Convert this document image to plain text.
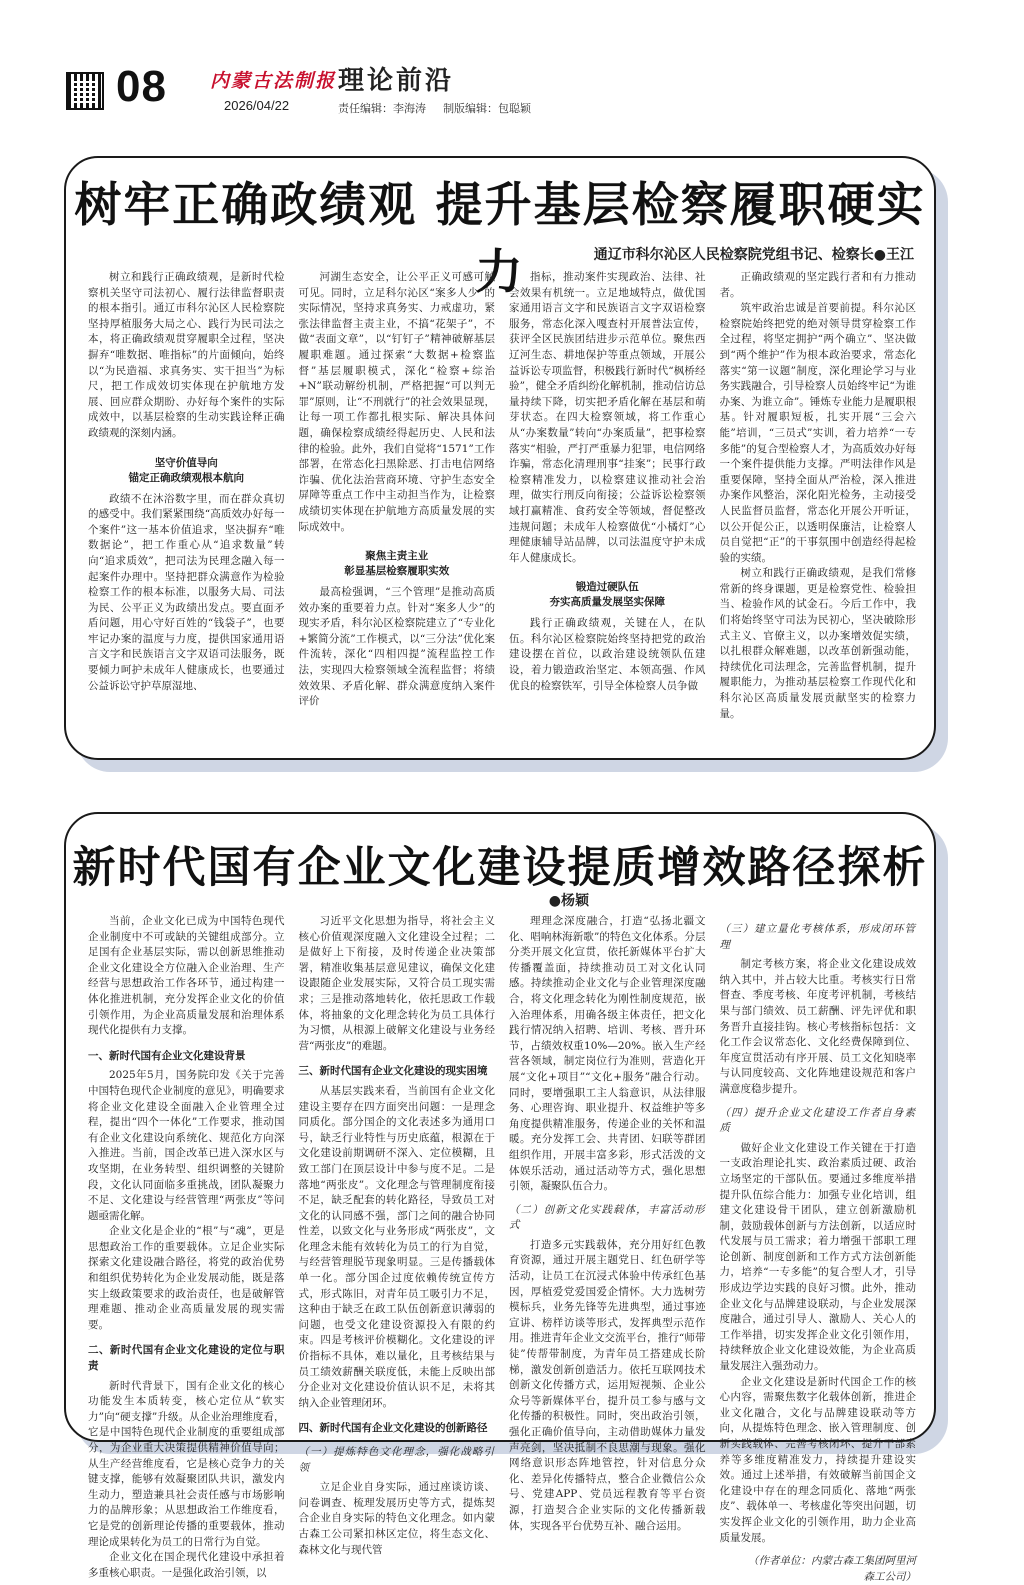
08 内蒙古法制报
2026/04/22
理论前沿
责任编辑：李海涛 制版编辑：包聪颖
树牢正确政绩观 提升基层检察履职硬实力	通辽市科尔沁区人民检察院党组书记、检察长●王江

树立和践行正确政绩观，是新时代检察机关坚守司法初心、履行法律监督职责的根本指引。通辽市科尔沁区人民检察院坚持厚植服务大局之心、践行为民司法之本，将正确政绩观贯穿履职全过程，坚决摒弃“唯数据、唯指标”的片面倾向，始终以“为民造福、求真务实、实干担当”为标尺，把工作成效切实体现在护航地方发展、回应群众期盼、办好每个案件的实际成效中，以基层检察的生动实践诠释正确政绩观的深刻内涵。

坚守价值导向
锚定正确政绩观根本航向

政绩不在沐浴数字里，而在群众真切的感受中。我们紧紧围绕“高质效办好每一个案件”这一基本价值追求，坚决摒弃“唯数据论”，把工作重心从“追求数量”转向“追求质效”，把司法为民理念融入每一起案件办理中。坚持把群众满意作为检验检察工作的根本标准，以服务大局、司法为民、公平正义为政绩出发点。要直面矛盾问题，用心守好百姓的“钱袋子”，也要牢记办案的温度与力度，提供国家通用语言文字和民族语言文字双语司法服务，既要倾力呵护未成年人健康成长，也要通过公益诉讼守护草原湿地、

河湖生态安全，让公平正义可感可触可见。同时，立足科尔沁区“案多人少”的实际情况，坚持求真务实、力戒虚功，紧张法律监督主责主业，不搞“花架子”，不做“表面文章”，以“钉钉子”精神破解基层履职难题。通过探索“大数据+检察监督”基层履职模式，深化“检察+综治+N”联动解纷机制，严格把握“可以判无罪”原则，让“不刑就行”的社会效果显现，让每一项工作都扎根实际、解决具体问题，确保检察成绩经得起历史、人民和法律的检验。此外，我们自觉将“1571”工作部署，在常态化扫黑除恶、打击电信网络诈骗、优化法治营商环境、守护生态安全屏障等重点工作中主动担当作为，让检察成绩切实体现在护航地方高质量发展的实际成效中。

聚焦主责主业
彰显基层检察履职实效

最高检强调，“三个管理”是推动高质效办案的重要着力点。针对“案多人少”的现实矛盾，科尔沁区检察院建立了“专业化+繁简分流”工作模式，以“三分法”优化案件流转，深化“四相四提”流程监控工作法，实现四大检察领域全流程监督；将绩效效果、矛盾化解、群众满意度纳入案件评价

指标，推动案件实现政治、法律、社会效果有机统一。立足地域特点，做优国家通用语言文字和民族语言文字双语检察服务，常态化深入嘎查村开展普法宣传，获评全区民族团结进步示范单位。聚焦西辽河生态、耕地保护等重点领域，开展公益诉讼专项监督，积极践行新时代“枫桥经验”，健全矛盾纠纷化解机制，推动信访总量持续下降，切实把矛盾化解在基层和萌芽状态。在四大检察领域，将工作重心从“办案数量”转向“办案质量”，把事检察落实“相验，严打严重暴力犯罪，电信网络诈骗，常态化清理刑事“挂案”；民事行政检察精准发力，以检察建议推动社会治理，做实行刑反向衔接；公益诉讼检察领域打赢精准、食药安全等领域，督促整改违规问题；未成年人检察做优“小橘灯”心理健康辅导站品牌，以司法温度守护未成年人健康成长。

锻造过硬队伍
夯实高质量发展坚实保障

践行正确政绩观，关键在人，在队伍。科尔沁区检察院始终坚持把党的政治建设摆在首位，以政治建设统领队伍建设，着力锻造政治坚定、本领高强、作风优良的检察铁军，引导全体检察人员争做

正确政绩观的坚定践行者和有力推动者。

筑牢政治忠诚是首要前提。科尔沁区检察院始终把党的绝对领导贯穿检察工作全过程，将坚定拥护“两个确立”、坚决做到“两个维护”作为根本政治要求，常态化落实“第一议题”制度，深化理论学习与业务实践融合，引导检察人员始终牢记“为谁办案、为谁立命”。锤炼专业能力是履职根基。针对履职短板，扎实开展“三会六能”培训，“三员式”实训，着力培养“一专多能”的复合型检察人才，为高质效办好每一个案件提供能力支撑。严明法律作风是重要保障，坚持全面从严治检，深入推进办案作风整治，深化阳光检务，主动接受人民监督员监督，常态化开展公开听证，以公开促公正，以透明保廉洁，让检察人员自觉把“正”的干事氛围中创造经得起检验的实绩。

树立和践行正确政绩观，是我们常修常新的终身课题，更是检察党性、检验担当、检验作风的试金石。今后工作中，我们将始终坚守司法为民初心，坚决破除形式主义、官僚主义，以办案增效促实绩，以扎根群众解难题，以改革创新强动能，持续优化司法理念，完善监督机制，提升履职能力，为推动基层检察工作现代化和科尔沁区高质量发展贡献坚实的检察力量。

新时代国有企业文化建设提质增效路径探析
●杨颖

当前，企业文化已成为中国特色现代企业制度中不可或缺的关键组成部分。立足国有企业基层实际，需以创新思维推动企业文化建设全方位融入企业治理、生产经营与思想政治工作各环节，通过构建一体化推进机制，充分发挥企业文化的价值引领作用，为企业高质量发展和治理体系现代化提供有力支撑。

一、新时代国有企业文化建设背景

2025年5月，国务院印发《关于完善中国特色现代企业制度的意见》，明确要求将企业文化建设全面融入企业管理全过程，提出“四个一体化”工作要求，推动国有企业文化建设向系统化、规范化方向深入推进。当前，国企改革已进入深水区与攻坚期，在业务转型、组织调整的关键阶段，文化认同面临多重挑战，团队凝聚力不足、文化建设与经营管理“两张皮”等问题亟需化解。

企业文化是企业的“根”与“魂”，更是思想政治工作的重要载体。立足企业实际探索文化建设融合路径，将党的政治优势和组织优势转化为企业发展动能，既是落实上级政策要求的政治责任，也是破解管理难题、推动企业高质量发展的现实需要。

二、新时代国有企业文化建设的定位与职责

新时代背景下，国有企业文化的核心功能发生本质转变，核心定位从“软实力”向“硬支撑”升级。从企业治理维度看，它是中国特色现代企业制度的重要组成部分，为企业重大决策提供精神价值导向；从生产经营维度看，它是核心竞争力的关键支撑，能够有效凝聚团队共识，激发内生动力，塑造兼具社会责任感与市场影响力的品牌形象；从思想政治工作维度看，它是党的创新理论传播的重要载体，推动理论成果转化为员工的日常行为自觉。

企业文化在国企现代化建设中承担着多重核心职责。一是强化政治引领，以

习近平文化思想为指导，将社会主义核心价值观深度融入文化建设全过程；二是做好上下衔接，及时传递企业决策部署，精准收集基层意见建议，确保文化建设跟随企业发展实际，又符合员工现实需求；三是推动落地转化，依托思政工作载体，将抽象的文化理念转化为员工具体行为习惯，从根源上破解文化建设与业务经营“两张皮”的难题。

三、新时代国有企业文化建设的现实困境

从基层实践来看，当前国有企业文化建设主要存在四方面突出问题：一是理念同质化。部分国企的文化表述多为通用口号，缺乏行业特性与历史底蕴，根源在于文化建设前期调研不深入、定位模糊，且致工部门在顶层设计中参与度不足。二是落地“两张皮”。文化理念与管理制度衔接不足，缺乏配套的转化路径，导致员工对文化的认同感不强，部门之间的融合协同性差，以致文化与业务形成“两张皮”，文化理念未能有效转化为员工的行为自觉，与经营管理脱节现象明显。三是传播载体单一化。部分国企过度依赖传统宣传方式，形式陈旧，对青年员工吸引力不足，这种由于缺乏在政工队伍创新意识薄弱的问题，也受文化建设资源投入有限的约束。四是考核评价模糊化。文化建设的评价指标不具体，难以量化，且考核结果与员工绩效薪酬关联度低，未能上反映出部分企业对文化建设价值认识不足，未将其纳入企业管理闭环。

四、新时代国有企业文化建设的创新路径

（一）提炼特色文化理念，强化战略引领

立足企业自身实际，通过座谈访谈、问卷调查、梳理发展历史等方式，提炼契合企业自身实际的特色文化理念。如内蒙古森工公司紧扣林区定位，将生态文化、森林文化与现代管

理理念深度融合，打造“弘扬北疆文化、唱响林海新歌”的特色文化体系。分层分类开展文化宣贯，依托新媒体平台扩大传播覆盖面，持续推动员工对文化认同感。持续推动企业文化与企业管理深度融合，将文化理念转化为刚性制度规范，嵌入治理体系，用确各级主体责任，把文化践行情况纳入招聘、培训、考核、晋升环节，占绩效权重10%—20%。嵌入生产经营各领域，制定岗位行为准则，营造化开展“文化+项目”“文化+服务”融合行动。同时，要增强职工主人翁意识，从法律服务、心理咨询、职业提升、权益维护等多角度提供精准服务，传递企业的关怀和温暖。充分发挥工会、共青团、妇联等群团组织作用，开展丰富多彩，形式活泼的文体娱乐活动，通过活动等方式，强化思想引领，凝聚队伍合力。

（二）创新文化实践载体，丰富活动形式

打造多元实践载体，充分用好红色教育资源，通过开展主题党日、红色研学等活动，让员工在沉浸式体验中传承红色基因，厚植爱党爱国爱企情怀。大力选树劳模标兵，业务先锋等先进典型，通过事迹宣讲、榜样访谈等形式，发挥典型示范作用。推进青年企业文交流平台，推行“师带徒”传帮带制度，为青年员工搭建成长阶梯，激发创新创造活力。依托互联网技术创新文化传播方式，运用短视频、企业公众号等新媒体平台，提升员工参与感与文化传播的积极性。同时，突出政治引领，强化正确价值导向，主动借助媒体力量发声亮剑，坚决抵制不良思潮与现象。强化网络意识形态阵地管控，针对信息分众化、差异化传播特点，整合企业微信公众号、党建APP、党员远程教育等平台资源，打造契合企业实际的文化传播新载体，实现各平台优势互补、融合运用。

（三）建立量化考核体系，形成闭环管理

制定考核方案，将企业文化建设成效纳入其中，并占较大比重。考核实行日常督查、季度考核、年度考评机制，考核结果与部门绩效、员工薪酬、评先评优和职务晋升直接挂钩。核心考核指标包括：文化工作会议常态化、文化经费保障到位、年度宣贯活动有序开展、员工文化知晓率与认同度较高、文化阵地建设规范和客户满意度稳步提升。

（四）提升企业文化建设工作者自身素质

做好企业文化建设工作关键在于打造一支政治理论扎实、政治素质过硬、政治立场坚定的干部队伍。要通过多维度举措提升队伍综合能力：加强专业化培训，组建文化建设骨干团队，建立创新激励机制，鼓励载体创新与方法创新，以适应时代发展与员工需求；着力增强干部职工理论创新、制度创新和工作方式方法创新能力，培养“一专多能”的复合型人才，引导形成边学边实践的良好习惯。此外，推动企业文化与品牌建设联动，与企业发展深度融合，通过引导人、激励人、关心人的工作举措，切实发挥企业文化引领作用，持续释放企业文化建设效能，为企业高质量发展注入强劲动力。

企业文化建设是新时代国企工作的核心内容，需聚焦数字化载体创新，推进企业文化融合，文化与品牌建设联动等方向，从提炼特色理念、嵌入管理制度、创新实践载体、完善考核闭环、提升干部素养等多维度精准发力，持续提升建设实效。通过上述举措，有效破解当前国企文化建设中存在的理念同质化、落地“两张皮”、载体单一、考核虚化等突出问题，切实发挥企业文化的引领作用，助力企业高质量发展。

（作者单位：内蒙古森工集团阿里河森工公司）
